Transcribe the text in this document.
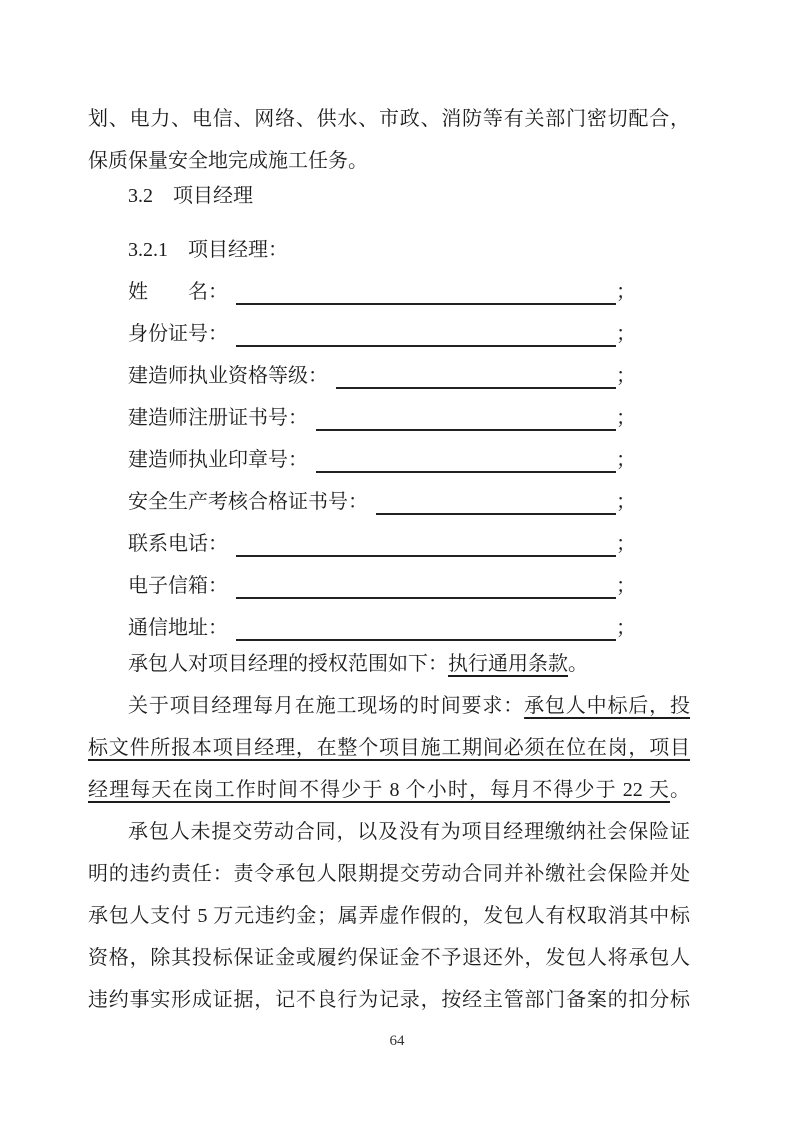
划、电力、电信、网络、供水、市政、消防等有关部门密切配合，
保质保量安全地完成施工任务。
3.2　项目经理
3.2.1　项目经理：
姓　　名：	；
身份证号：	；
建造师执业资格等级：	；
建造师注册证书号：	；
建造师执业印章号：	；
安全生产考核合格证书号：	；
联系电话：	；
电子信箱：	；
通信地址：	；
承包人对项目经理的授权范围如下：执行通用条款。
关于项目经理每月在施工现场的时间要求：承包人中标后，投
标文件所报本项目经理，在整个项目施工期间必须在位在岗，项目
经理每天在岗工作时间不得少于 8 个小时，每月不得少于 22 天。
承包人未提交劳动合同，以及没有为项目经理缴纳社会保险证
明的违约责任：责令承包人限期提交劳动合同并补缴社会保险并处
承包人支付 5 万元违约金；属弄虚作假的，发包人有权取消其中标
资格，除其投标保证金或履约保证金不予退还外，发包人将承包人
违约事实形成证据，记不良行为记录，按经主管部门备案的扣分标
64
